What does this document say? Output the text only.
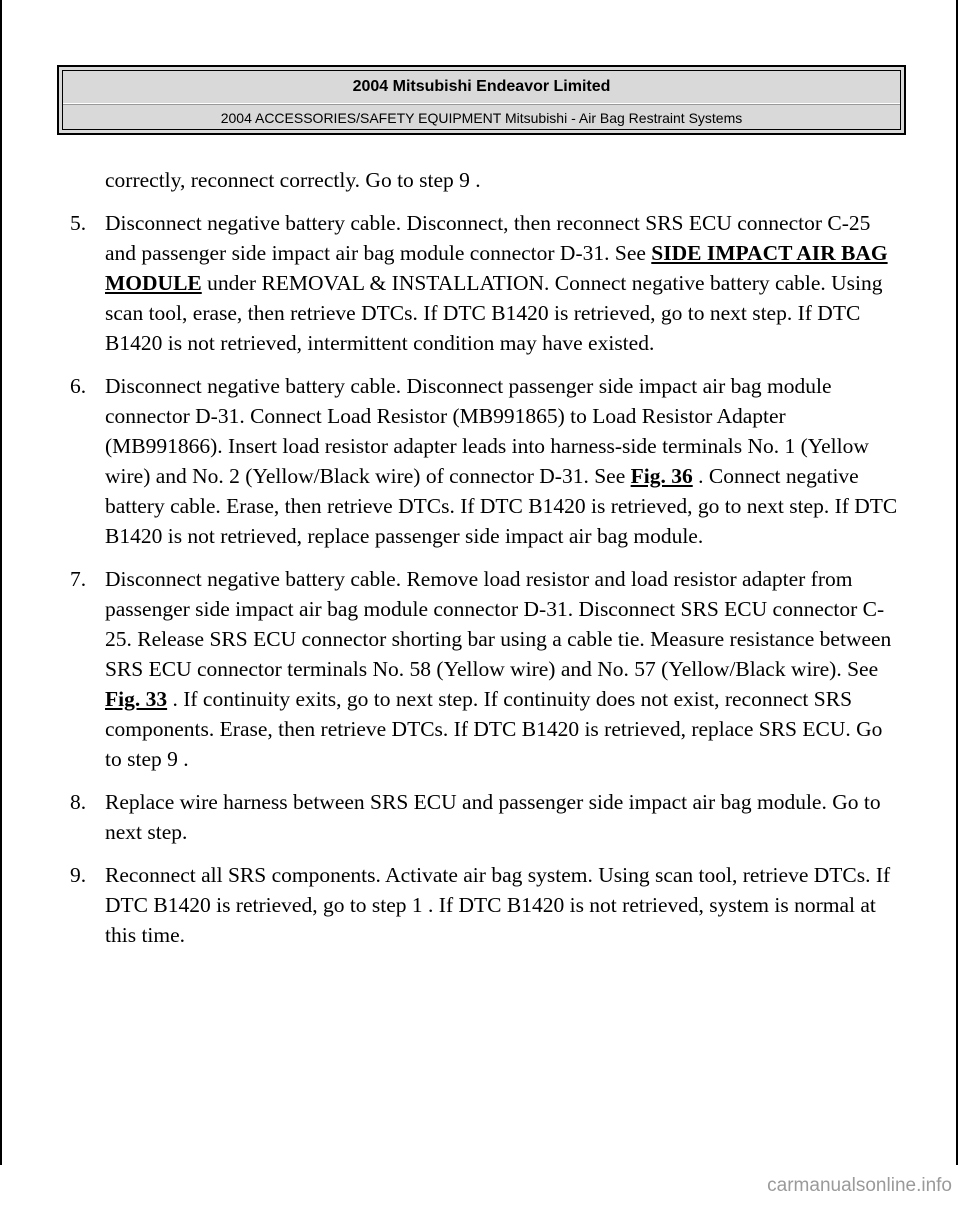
2004 Mitsubishi Endeavor Limited
2004 ACCESSORIES/SAFETY EQUIPMENT Mitsubishi - Air Bag Restraint Systems

correctly, reconnect correctly. Go to step 9 .

5. Disconnect negative battery cable. Disconnect, then reconnect SRS ECU connector C-25 and passenger side impact air bag module connector D-31. See SIDE IMPACT AIR BAG MODULE under REMOVAL & INSTALLATION. Connect negative battery cable. Using scan tool, erase, then retrieve DTCs. If DTC B1420 is retrieved, go to next step. If DTC B1420 is not retrieved, intermittent condition may have existed.
6. Disconnect negative battery cable. Disconnect passenger side impact air bag module connector D-31. Connect Load Resistor (MB991865) to Load Resistor Adapter (MB991866). Insert load resistor adapter leads into harness-side terminals No. 1 (Yellow wire) and No. 2 (Yellow/Black wire) of connector D-31. See Fig. 36 . Connect negative battery cable. Erase, then retrieve DTCs. If DTC B1420 is retrieved, go to next step. If DTC B1420 is not retrieved, replace passenger side impact air bag module.
7. Disconnect negative battery cable. Remove load resistor and load resistor adapter from passenger side impact air bag module connector D-31. Disconnect SRS ECU connector C-25. Release SRS ECU connector shorting bar using a cable tie. Measure resistance between SRS ECU connector terminals No. 58 (Yellow wire) and No. 57 (Yellow/Black wire). See Fig. 33 . If continuity exits, go to next step. If continuity does not exist, reconnect SRS components. Erase, then retrieve DTCs. If DTC B1420 is retrieved, replace SRS ECU. Go to step 9 .
8. Replace wire harness between SRS ECU and passenger side impact air bag module. Go to next step.
9. Reconnect all SRS components. Activate air bag system. Using scan tool, retrieve DTCs. If DTC B1420 is retrieved, go to step 1 . If DTC B1420 is not retrieved, system is normal at this time.
carmanualsonline.info
